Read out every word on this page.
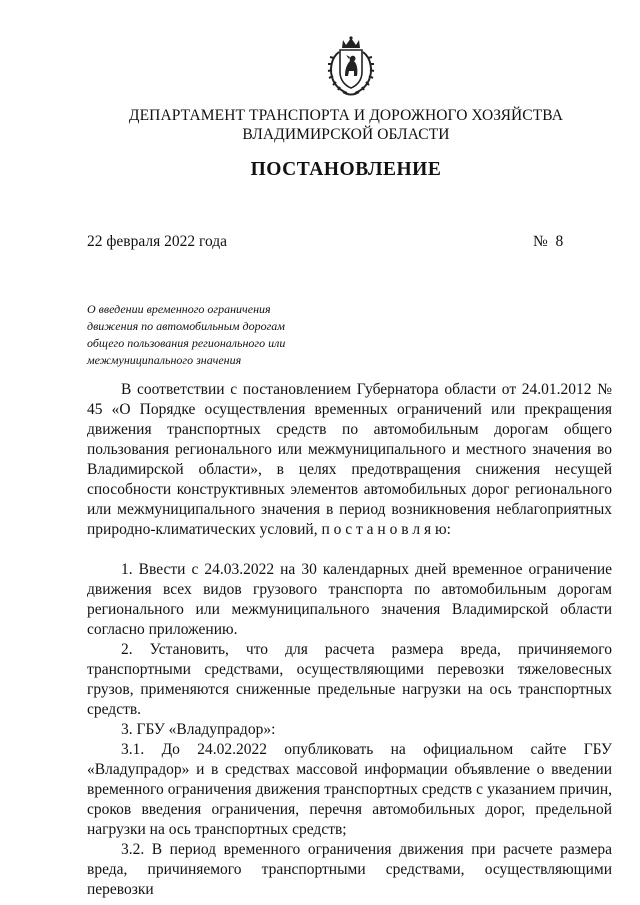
ДЕПАРТАМЕНТ ТРАНСПОРТА И ДОРОЖНОГО ХОЗЯЙСТВА
ВЛАДИМИРСКОЙ ОБЛАСТИ
ПОСТАНОВЛЕНИЕ
22 февраля 2022 года	№  8
О введении временного ограничения
движения по автомобильным дорогам
общего пользования регионального или
межмуниципального значения

В соответствии с постановлением Губернатора области от 24.01.2012 № 45 «О Порядке осуществления временных ограничений или прекращения движения транспортных средств по автомобильным дорогам общего пользования регионального или межмуниципального и местного значения во Владимирской области», в целях предотвращения снижения несущей способности конструктивных элементов автомобильных дорог регионального или межмуниципального значения в период возникновения неблагоприятных природно-климатических условий, п о с т а н о в л я ю:

1. Ввести с 24.03.2022 на 30 календарных дней временное ограничение движения всех видов грузового транспорта по автомобильным дорогам регионального или межмуниципального значения Владимирской области согласно приложению.

2. Установить, что для расчета размера вреда, причиняемого транспортными средствами, осуществляющими перевозки тяжеловесных грузов, применяются сниженные предельные нагрузки на ось транспортных средств.

3. ГБУ «Владупрадор»:

3.1. До 24.02.2022 опубликовать на официальном сайте ГБУ «Владупрадор» и в средствах массовой информации объявление о введении временного ограничения движения транспортных средств с указанием причин, сроков введения ограничения, перечня автомобильных дорог, предельной нагрузки на ось транспортных средств;

3.2. В период временного ограничения движения при расчете размера вреда, причиняемого транспортными средствами, осуществляющими перевозки
